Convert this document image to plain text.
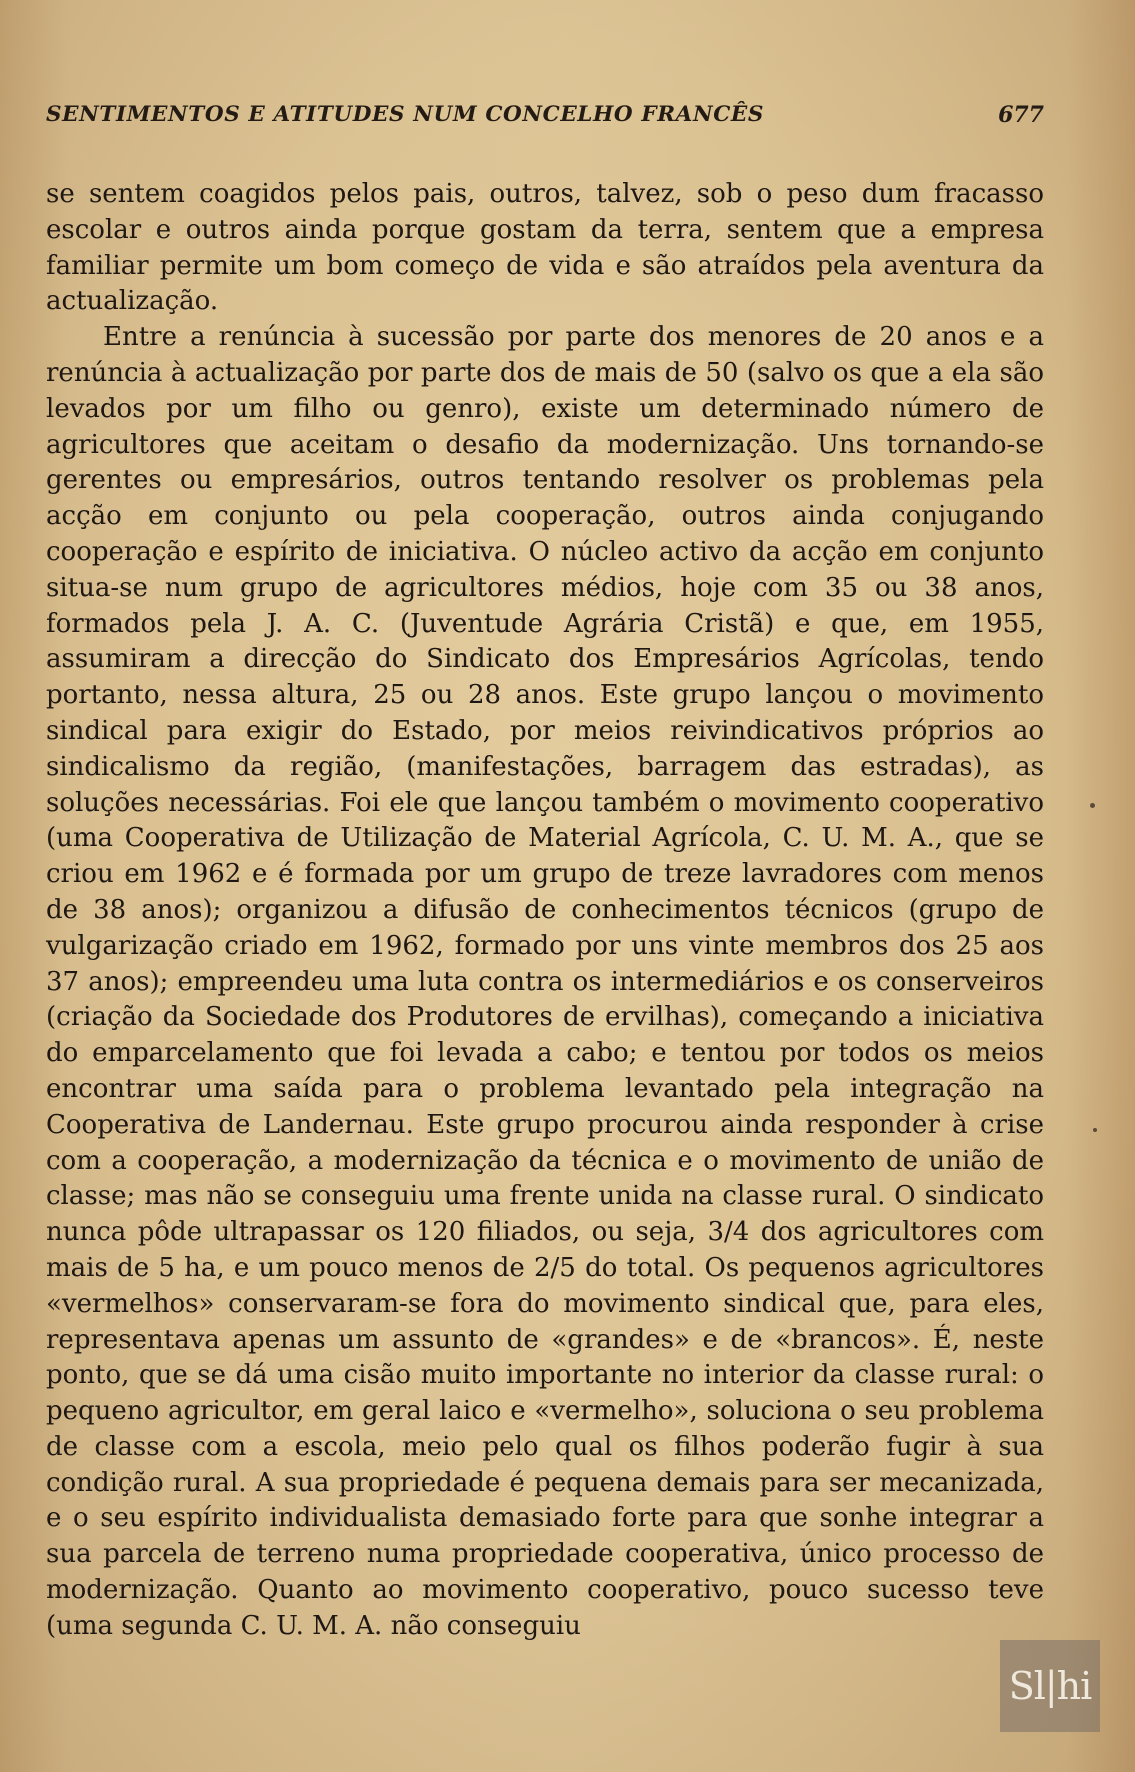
SENTIMENTOS E ATITUDES NUM CONCELHO FRANCÊS	677

se sentem coagidos pelos pais, outros, talvez, sob o peso dum fracasso escolar e outros ainda porque gostam da terra, sentem que a empresa familiar permite um bom começo de vida e são atraídos pela aventura da actualização.

Entre a renúncia à sucessão por parte dos menores de 20 anos e a renúncia à actualização por parte dos de mais de 50 (salvo os que a ela são levados por um filho ou genro), existe um determinado número de agricultores que aceitam o desafio da modernização. Uns tornando-se gerentes ou empresários, outros tentando resolver os problemas pela acção em conjunto ou pela cooperação, outros ainda conjugando cooperação e espírito de iniciativa. O núcleo activo da acção em conjunto situa-se num grupo de agricultores médios, hoje com 35 ou 38 anos, formados pela J. A. C. (Juventude Agrária Cristã) e que, em 1955, assumiram a direcção do Sindicato dos Empresários Agrícolas, tendo portanto, nessa altura, 25 ou 28 anos. Este grupo lançou o movimento sindical para exigir do Estado, por meios reivindicativos próprios ao sindicalismo da região, (manifestações, barragem das estradas), as soluções necessárias. Foi ele que lançou também o movimento cooperativo (uma Cooperativa de Utilização de Material Agrícola, C. U. M. A., que se criou em 1962 e é formada por um grupo de treze lavradores com menos de 38 anos); organizou a difusão de conhecimentos técnicos (grupo de vulgarização criado em 1962, formado por uns vinte membros dos 25 aos 37 anos); empreendeu uma luta contra os intermediários e os conserveiros (criação da Sociedade dos Produtores de ervilhas), começando a iniciativa do emparcelamento que foi levada a cabo; e tentou por todos os meios encontrar uma saída para o problema levantado pela integração na Cooperativa de Landernau. Este grupo procurou ainda responder à crise com a cooperação, a modernização da técnica e o movimento de união de classe; mas não se conseguiu uma frente unida na classe rural. O sindicato nunca pôde ultrapassar os 120 filiados, ou seja, 3/4 dos agricultores com mais de 5 ha, e um pouco menos de 2/5 do total. Os pequenos agricultores «vermelhos» conservaram-se fora do movimento sindical que, para eles, representava apenas um assunto de «grandes» e de «brancos». É, neste ponto, que se dá uma cisão muito importante no interior da classe rural: o pequeno agricultor, em geral laico e «vermelho», soluciona o seu problema de classe com a escola, meio pelo qual os filhos poderão fugir à sua condição rural. A sua propriedade é pequena demais para ser mecanizada, e o seu espírito individualista demasiado forte para que sonhe integrar a sua parcela de terreno numa propriedade cooperativa, único processo de modernização. Quanto ao movimento cooperativo, pouco sucesso teve (uma segunda C. U. M. A. não conseguiu

Sl|hi
